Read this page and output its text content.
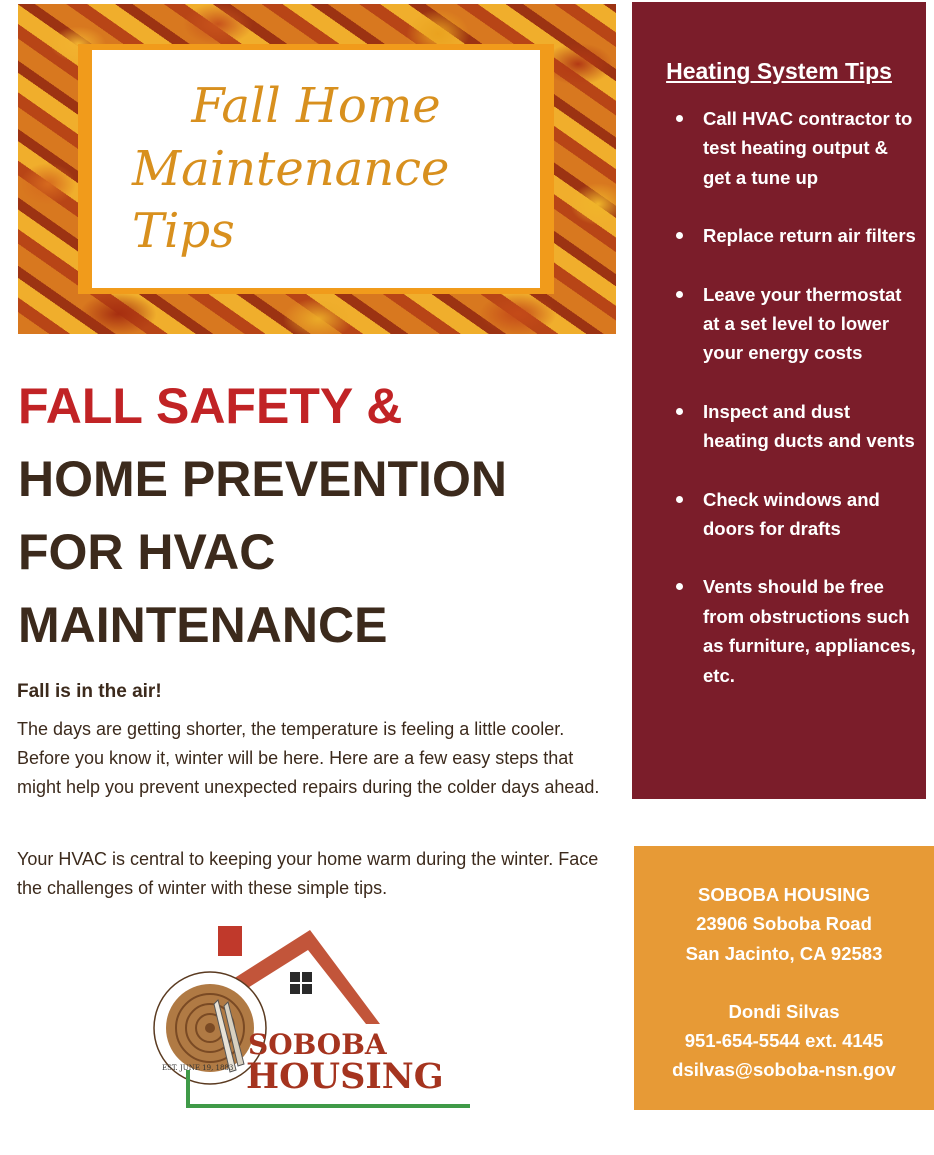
Fall Home
Maintenance Tips

FALL SAFETY &

HOME PREVENTION

FOR HVAC

MAINTENANCE

Fall is in the air!

The days are getting shorter, the temperature is feeling a little cooler. Before you know it, winter will be here. Here are a few easy steps that might help you prevent unexpected repairs during the colder days ahead.

Your HVAC is central to keeping your home warm during the winter. Face the challenges of winter with these simple tips.

EST. JUNE 19, 1883
SOBOBA
HOUSING
Heating System Tips
Call HVAC contractor to test heating output & get a tune up
Replace return air filters
Leave your thermostat at a set level to lower your energy costs
Inspect and dust heating ducts and vents
Check windows and doors for drafts
Vents should be free from obstructions such as furniture, appliances, etc.
SOBOBA HOUSING
23906 Soboba Road
San Jacinto, CA 92583
Dondi Silvas
951-654-5544 ext. 4145
dsilvas@soboba-nsn.gov
